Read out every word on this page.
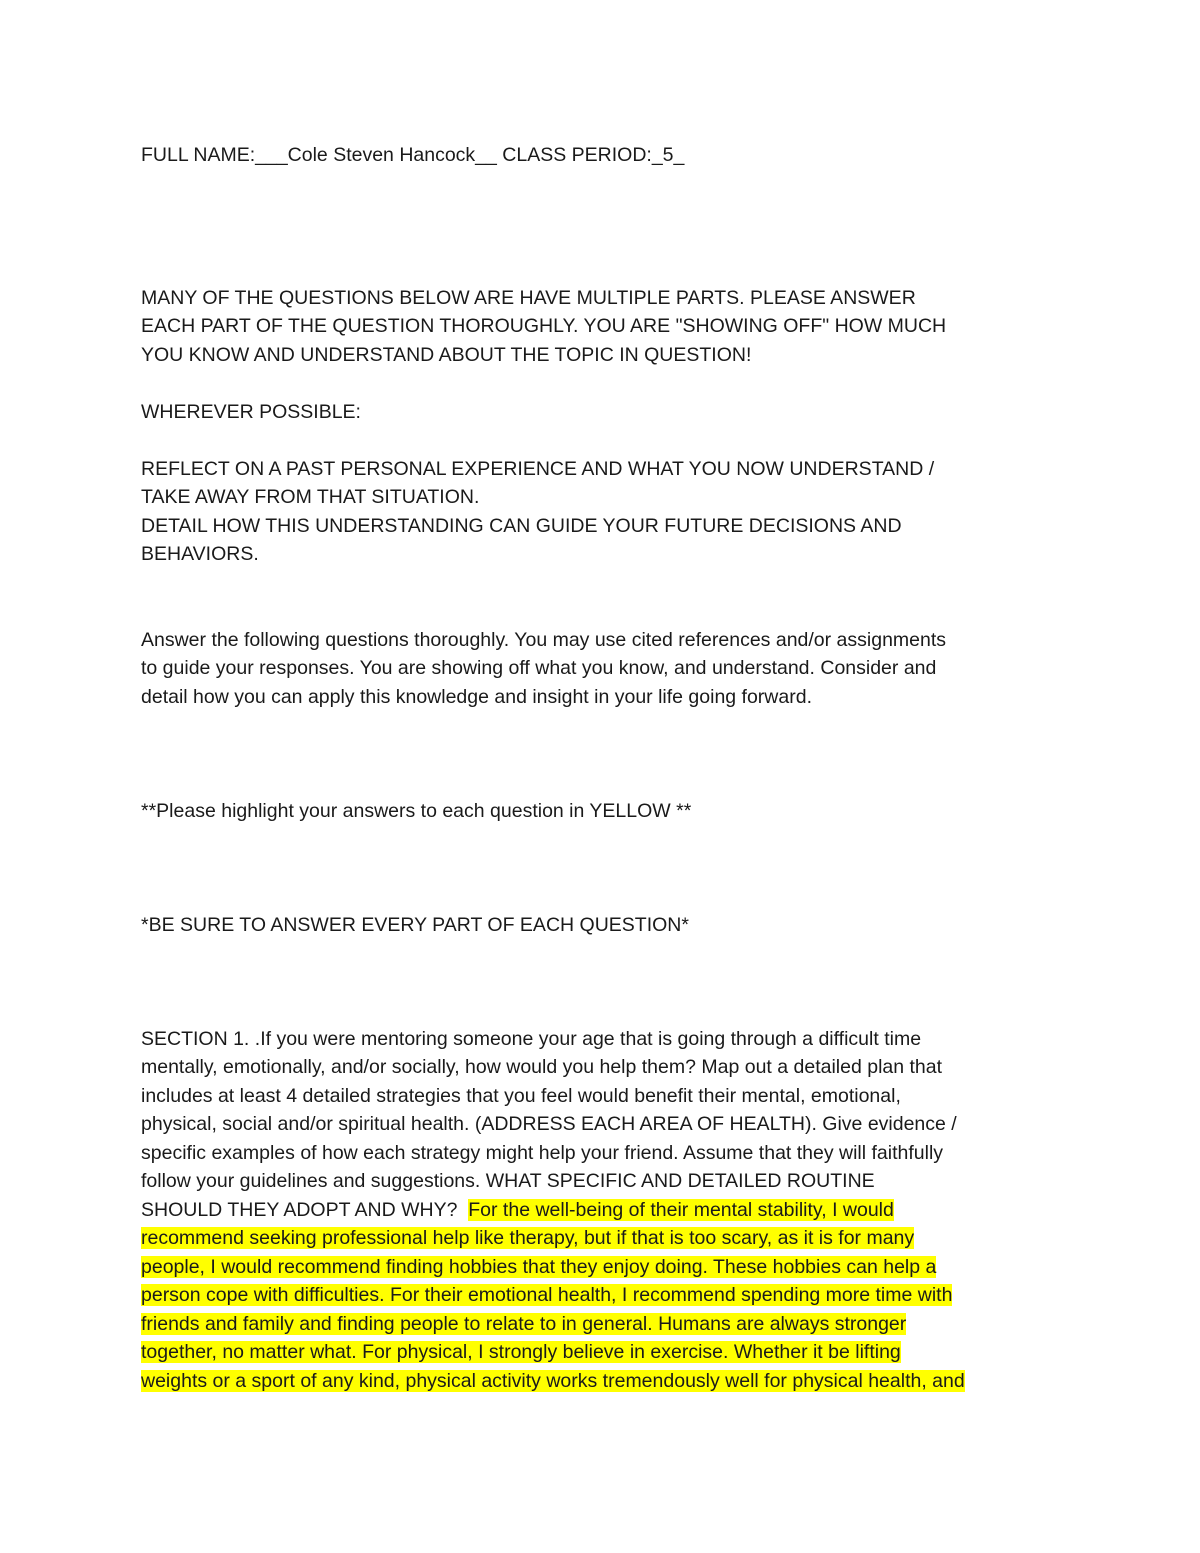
FULL NAME:___Cole Steven Hancock__ CLASS PERIOD:_5_

MANY OF THE QUESTIONS BELOW ARE HAVE MULTIPLE PARTS. PLEASE ANSWER
EACH PART OF THE QUESTION THOROUGHLY. YOU ARE "SHOWING OFF" HOW MUCH
YOU KNOW AND UNDERSTAND ABOUT THE TOPIC IN QUESTION!

WHEREVER POSSIBLE:

REFLECT ON A PAST PERSONAL EXPERIENCE AND WHAT YOU NOW UNDERSTAND /
TAKE AWAY FROM THAT SITUATION.
DETAIL HOW THIS UNDERSTANDING CAN GUIDE YOUR FUTURE DECISIONS AND
BEHAVIORS.
Answer the following questions thoroughly. You may use cited references and/or assignments
to guide your responses. You are showing off what you know, and understand. Consider and
detail how you can apply this knowledge and insight in your life going forward.

**Please highlight your answers to each question in YELLOW **

*BE SURE TO ANSWER EVERY PART OF EACH QUESTION*

SECTION 1. .If you were mentoring someone your age that is going through a difficult time
mentally, emotionally, and/or socially, how would you help them? Map out a detailed plan that
includes at least 4 detailed strategies that you feel would benefit their mental, emotional,
physical, social and/or spiritual health. (ADDRESS EACH AREA OF HEALTH). Give evidence /
specific examples of how each strategy might help your friend. Assume that they will faithfully
follow your guidelines and suggestions. WHAT SPECIFIC AND DETAILED ROUTINE
SHOULD THEY ADOPT AND WHY?  For the well-being of their mental stability, I would
recommend seeking professional help like therapy, but if that is too scary, as it is for many
people, I would recommend finding hobbies that they enjoy doing. These hobbies can help a
person cope with difficulties. For their emotional health, I recommend spending more time with
friends and family and finding people to relate to in general. Humans are always stronger
together, no matter what. For physical, I strongly believe in exercise. Whether it be lifting
weights or a sport of any kind, physical activity works tremendously well for physical health, and
